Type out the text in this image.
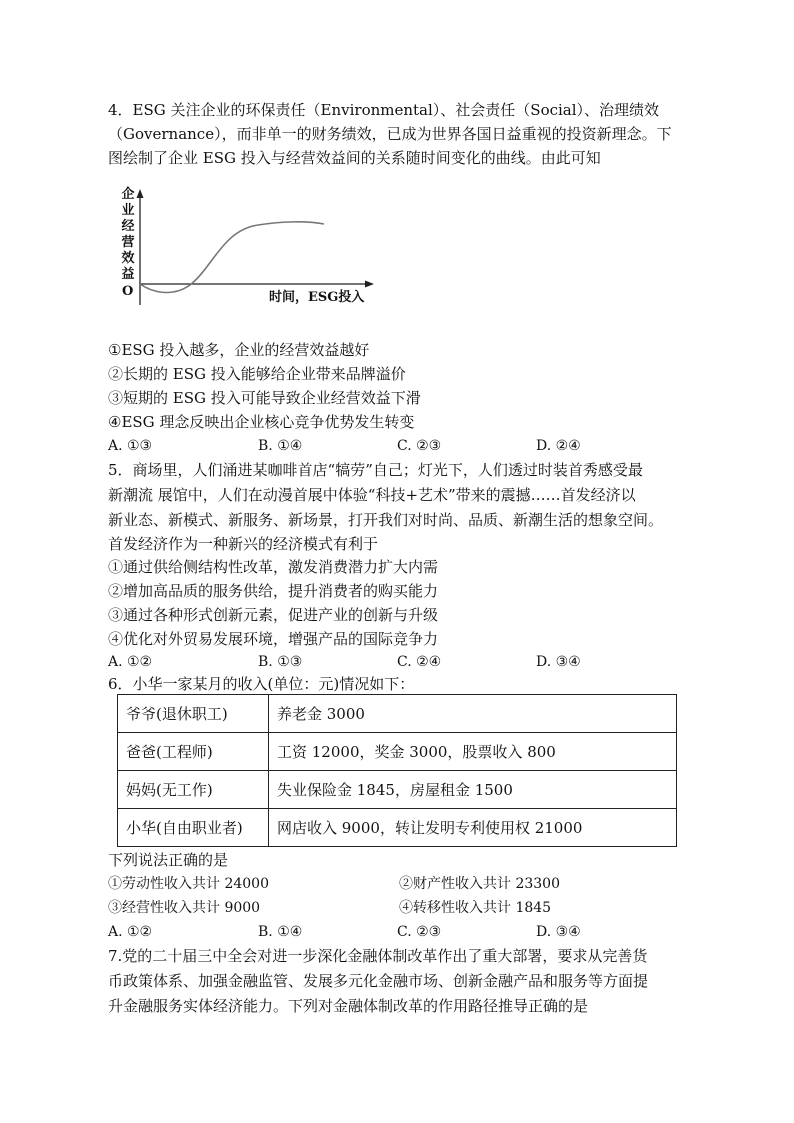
4．ESG 关注企业的环保责任（Environmental）、社会责任（Social）、治理绩效
（Governance），而非单一的财务绩效，已成为世界各国日益重视的投资新理念。下
图绘制了企业 ESG 投入与经营效益间的关系随时间变化的曲线。由此可知
企
业
经
营
效
益
O	时间，ESG投入
①ESG 投入越多，企业的经营效益越好
②长期的 ESG 投入能够给企业带来品牌溢价
③短期的 ESG 投入可能导致企业经营效益下滑
④ESG 理念反映出企业核心竞争优势发生转变
A. ①③	B. ①④	C. ②③	D. ②④
5．商场里，人们涌进某咖啡首店“犒劳”自己；灯光下，人们透过时装首秀感受最
新潮流 展馆中，人们在动漫首展中体验“科技+艺术”带来的震撼……首发经济以
新业态、新模式、新服务、新场景，打开我们对时尚、品质、新潮生活的想象空间。
首发经济作为一种新兴的经济模式有利于
①通过供给侧结构性改革，激发消费潜力扩大内需
②增加高品质的服务供给，提升消费者的购买能力
③通过各种形式创新元素，促进产业的创新与升级
④优化对外贸易发展环境，增强产品的国际竞争力
A. ①②	B. ①③	C. ②④	D. ③④
6．小华一家某月的收入(单位：元)情况如下：
爷爷(退休职工)	养老金 3000
爸爸(工程师)	工资 12000，奖金 3000，股票收入 800
妈妈(无工作)	失业保险金 1845，房屋租金 1500
小华(自由职业者)	网店收入 9000，转让发明专利使用权 21000
下列说法正确的是
①劳动性收入共计 24000	②财产性收入共计 23300
③经营性收入共计 9000	④转移性收入共计 1845
A. ①②	B. ①④	C. ②③	D. ③④
7.党的二十届三中全会对进一步深化金融体制改革作出了重大部署，要求从完善货
币政策体系、加强金融监管、发展多元化金融市场、创新金融产品和服务等方面提
升金融服务实体经济能力。下列对金融体制改革的作用路径推导正确的是
